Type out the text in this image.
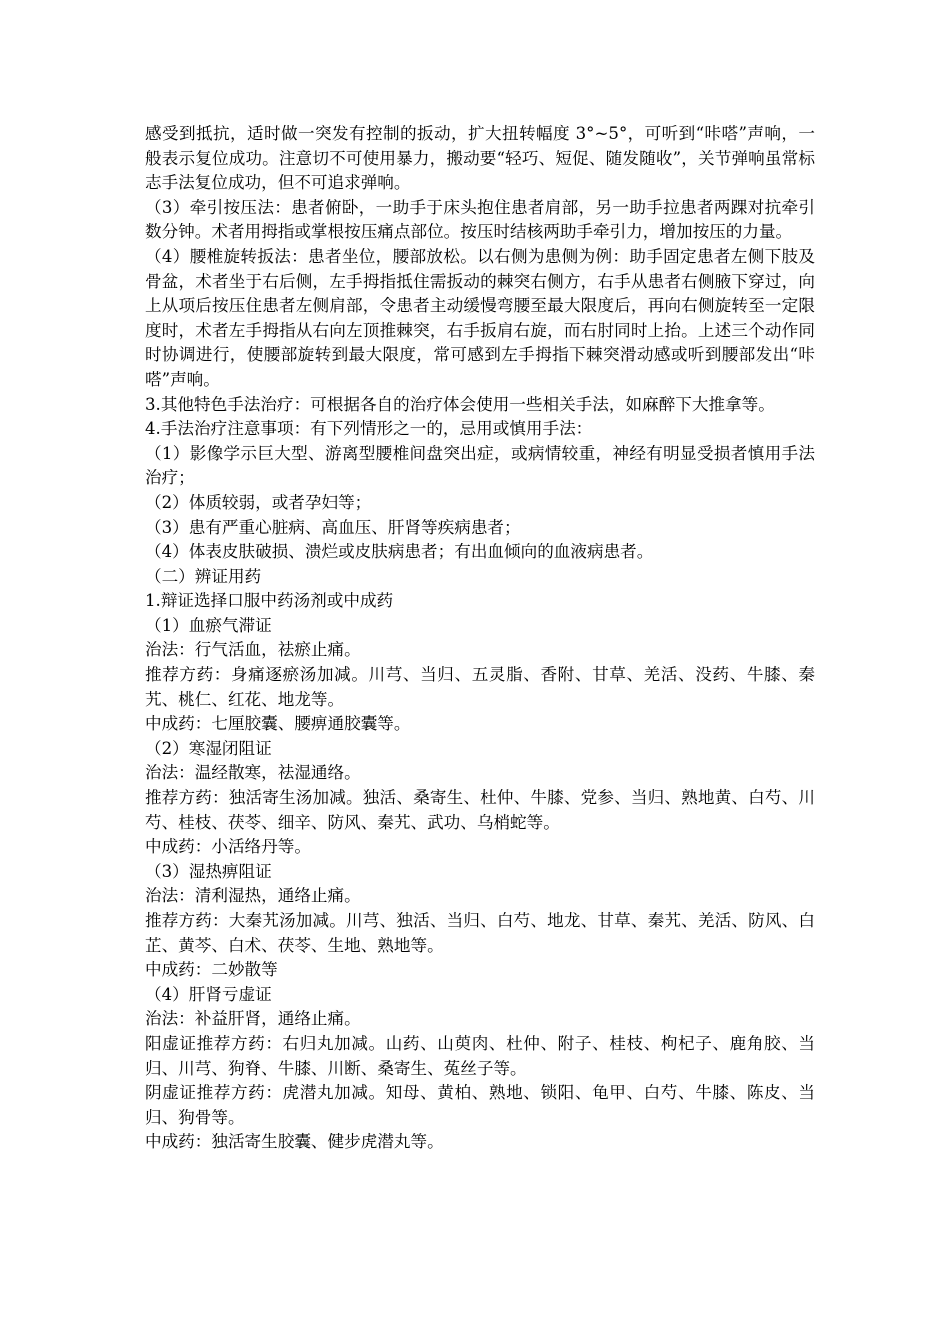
感受到抵抗，适时做一突发有控制的扳动，扩大扭转幅度 3°~5°，可听到“咔嗒”声响，一般表示复位成功。注意切不可使用暴力，搬动要“轻巧、短促、随发随收”，关节弹响虽常标志手法复位成功，但不可追求弹响。

（3）牵引按压法：患者俯卧，一助手于床头抱住患者肩部，另一助手拉患者两踝对抗牵引数分钟。术者用拇指或掌根按压痛点部位。按压时结核两助手牵引力，增加按压的力量。

（4）腰椎旋转扳法：患者坐位，腰部放松。以右侧为患侧为例：助手固定患者左侧下肢及骨盆，术者坐于右后侧，左手拇指抵住需扳动的棘突右侧方，右手从患者右侧腋下穿过，向上从项后按压住患者左侧肩部，令患者主动缓慢弯腰至最大限度后，再向右侧旋转至一定限度时，术者左手拇指从右向左顶推棘突，右手扳肩右旋，而右肘同时上抬。上述三个动作同时协调进行，使腰部旋转到最大限度，常可感到左手拇指下棘突滑动感或听到腰部发出“咔嗒”声响。

3.其他特色手法治疗：可根据各自的治疗体会使用一些相关手法，如麻醉下大推拿等。

4.手法治疗注意事项：有下列情形之一的，忌用或慎用手法：

（1）影像学示巨大型、游离型腰椎间盘突出症，或病情较重，神经有明显受损者慎用手法治疗；

（2）体质较弱，或者孕妇等；

（3）患有严重心脏病、高血压、肝肾等疾病患者；

（4）体表皮肤破损、溃烂或皮肤病患者；有出血倾向的血液病患者。

（二）辨证用药

1.辩证选择口服中药汤剂或中成药

（1）血瘀气滞证

治法：行气活血，祛瘀止痛。

推荐方药：身痛逐瘀汤加减。川芎、当归、五灵脂、香附、甘草、羌活、没药、牛膝、秦艽、桃仁、红花、地龙等。

中成药：七厘胶囊、腰痹通胶囊等。

（2）寒湿闭阻证

治法：温经散寒，祛湿通络。

推荐方药：独活寄生汤加减。独活、桑寄生、杜仲、牛膝、党参、当归、熟地黄、白芍、川芍、桂枝、茯苓、细辛、防风、秦艽、武功、乌梢蛇等。

中成药：小活络丹等。

（3）湿热痹阻证

治法：清利湿热，通络止痛。

推荐方药：大秦艽汤加减。川芎、独活、当归、白芍、地龙、甘草、秦艽、羌活、防风、白芷、黄芩、白术、茯苓、生地、熟地等。

中成药：二妙散等

（4）肝肾亏虚证

治法：补益肝肾，通络止痛。

阳虚证推荐方药：右归丸加减。山药、山萸肉、杜仲、附子、桂枝、枸杞子、鹿角胶、当归、川芎、狗脊、牛膝、川断、桑寄生、菟丝子等。

阴虚证推荐方药：虎潜丸加减。知母、黄柏、熟地、锁阳、龟甲、白芍、牛膝、陈皮、当归、狗骨等。

中成药：独活寄生胶囊、健步虎潜丸等。
